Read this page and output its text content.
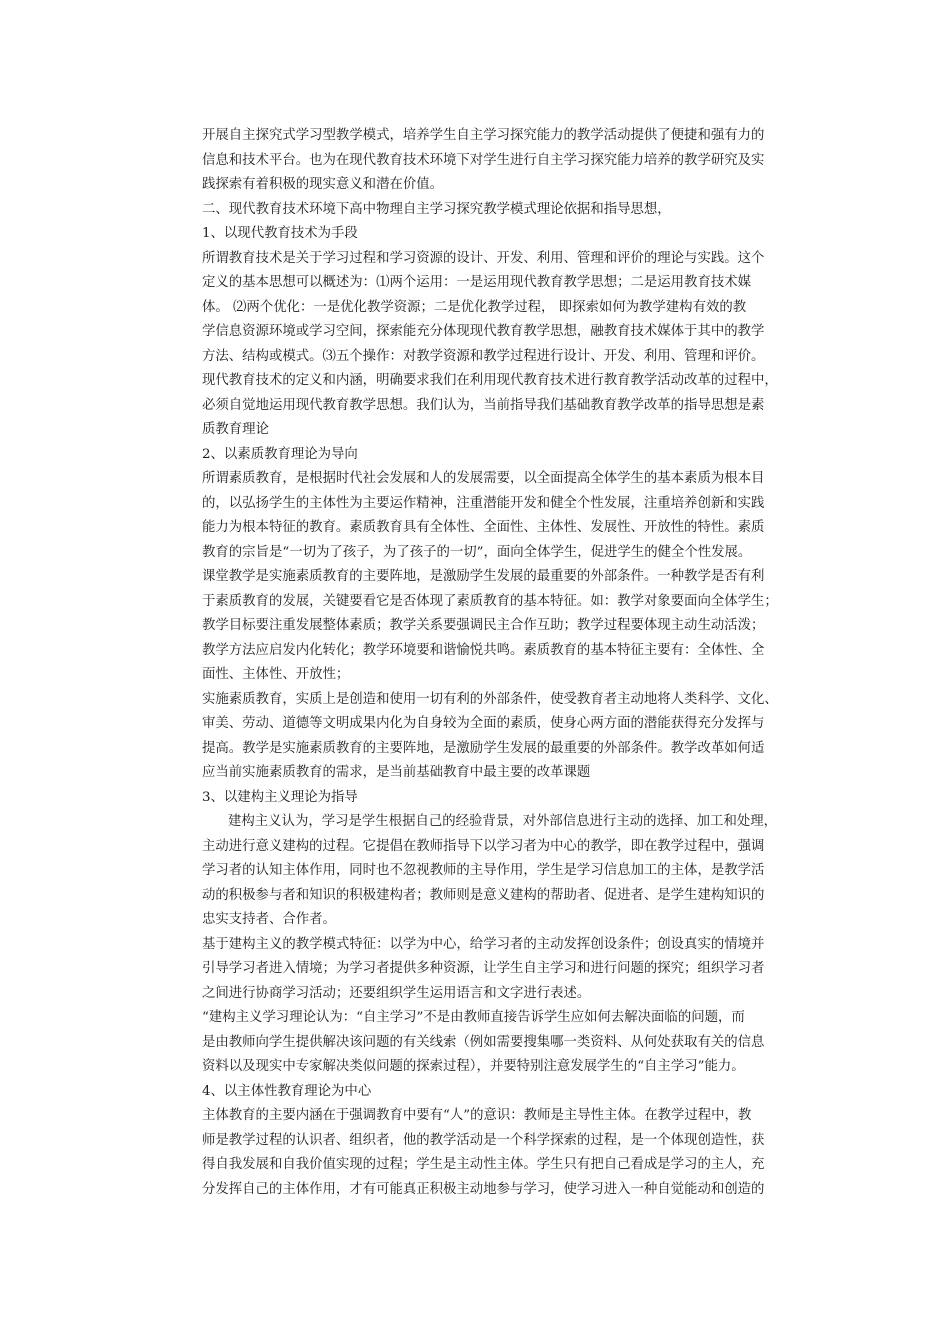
开展自主探究式学习型教学模式，培养学生自主学习探究能力的教学活动提供了便捷和强有力的
信息和技术平台。也为在现代教育技术环境下对学生进行自主学习探究能力培养的教学研究及实
践探索有着积极的现实意义和潜在价值。
二、现代教育技术环境下高中物理自主学习探究教学模式理论依据和指导思想，
1、以现代教育技术为手段
所谓教育技术是关于学习过程和学习资源的设计、开发、利用、管理和评价的理论与实践。这个
定义的基本思想可以概述为：⑴两个运用：一是运用现代教育教学思想；二是运用教育技术媒
体。 ⑵两个优化：一是优化教学资源；二是优化教学过程， 即探索如何为教学建构有效的教
学信息资源环境或学习空间，探索能充分体现现代教育教学思想，融教育技术媒体于其中的教学
方法、结构或模式。⑶五个操作：对教学资源和教学过程进行设计、开发、利用、管理和评价。
现代教育技术的定义和内涵，明确要求我们在利用现代教育技术进行教育教学活动改革的过程中，
必须自觉地运用现代教育教学思想。我们认为，当前指导我们基础教育教学改革的指导思想是素
质教育理论
2、以素质教育理论为导向
所谓素质教育，是根据时代社会发展和人的发展需要，以全面提高全体学生的基本素质为根本目
的，以弘扬学生的主体性为主要运作精神，注重潜能开发和健全个性发展，注重培养创新和实践
能力为根本特征的教育。素质教育具有全体性、全面性、主体性、发展性、开放性的特性。素质
教育的宗旨是“一切为了孩子，为了孩子的一切”，面向全体学生，促进学生的健全个性发展。
课堂教学是实施素质教育的主要阵地，是激励学生发展的最重要的外部条件。一种教学是否有利
于素质教育的发展，关键要看它是否体现了素质教育的基本特征。如：教学对象要面向全体学生；
教学目标要注重发展整体素质；教学关系要强调民主合作互助；教学过程要体现主动生动活泼；
教学方法应启发内化转化；教学环境要和谐愉悦共鸣。素质教育的基本特征主要有：全体性、全
面性、主体性、开放性；
实施素质教育，实质上是创造和使用一切有利的外部条件，使受教育者主动地将人类科学、文化、
审美、劳动、道德等文明成果内化为自身较为全面的素质，使身心两方面的潜能获得充分发挥与
提高。教学是实施素质教育的主要阵地，是激励学生发展的最重要的外部条件。教学改革如何适
应当前实施素质教育的需求，是当前基础教育中最主要的改革课题
3、以建构主义理论为指导
建构主义认为，学习是学生根据自己的经验背景，对外部信息进行主动的选择、加工和处理，
主动进行意义建构的过程。它提倡在教师指导下以学习者为中心的教学，即在教学过程中，强调
学习者的认知主体作用，同时也不忽视教师的主导作用，学生是学习信息加工的主体，是教学活
动的积极参与者和知识的积极建构者；教师则是意义建构的帮助者、促进者、是学生建构知识的
忠实支持者、合作者。
基于建构主义的教学模式特征：以学为中心，给学习者的主动发挥创设条件；创设真实的情境并
引导学习者进入情境；为学习者提供多种资源，让学生自主学习和进行问题的探究；组织学习者
之间进行协商学习活动；还要组织学生运用语言和文字进行表述。
“建构主义学习理论认为：“自主学习”不是由教师直接告诉学生应如何去解决面临的问题，而
是由教师向学生提供解决该问题的有关线索（例如需要搜集哪一类资料、从何处获取有关的信息
资料以及现实中专家解决类似问题的探索过程），并要特别注意发展学生的“自主学习”能力。
4、以主体性教育理论为中心
主体教育的主要内涵在于强调教育中要有“人”的意识：教师是主导性主体。在教学过程中，教
师是教学过程的认识者、组织者，他的教学活动是一个科学探索的过程，是一个体现创造性，获
得自我发展和自我价值实现的过程；学生是主动性主体。学生只有把自己看成是学习的主人，充
分发挥自己的主体作用，才有可能真正积极主动地参与学习，使学习进入一种自觉能动和创造的
